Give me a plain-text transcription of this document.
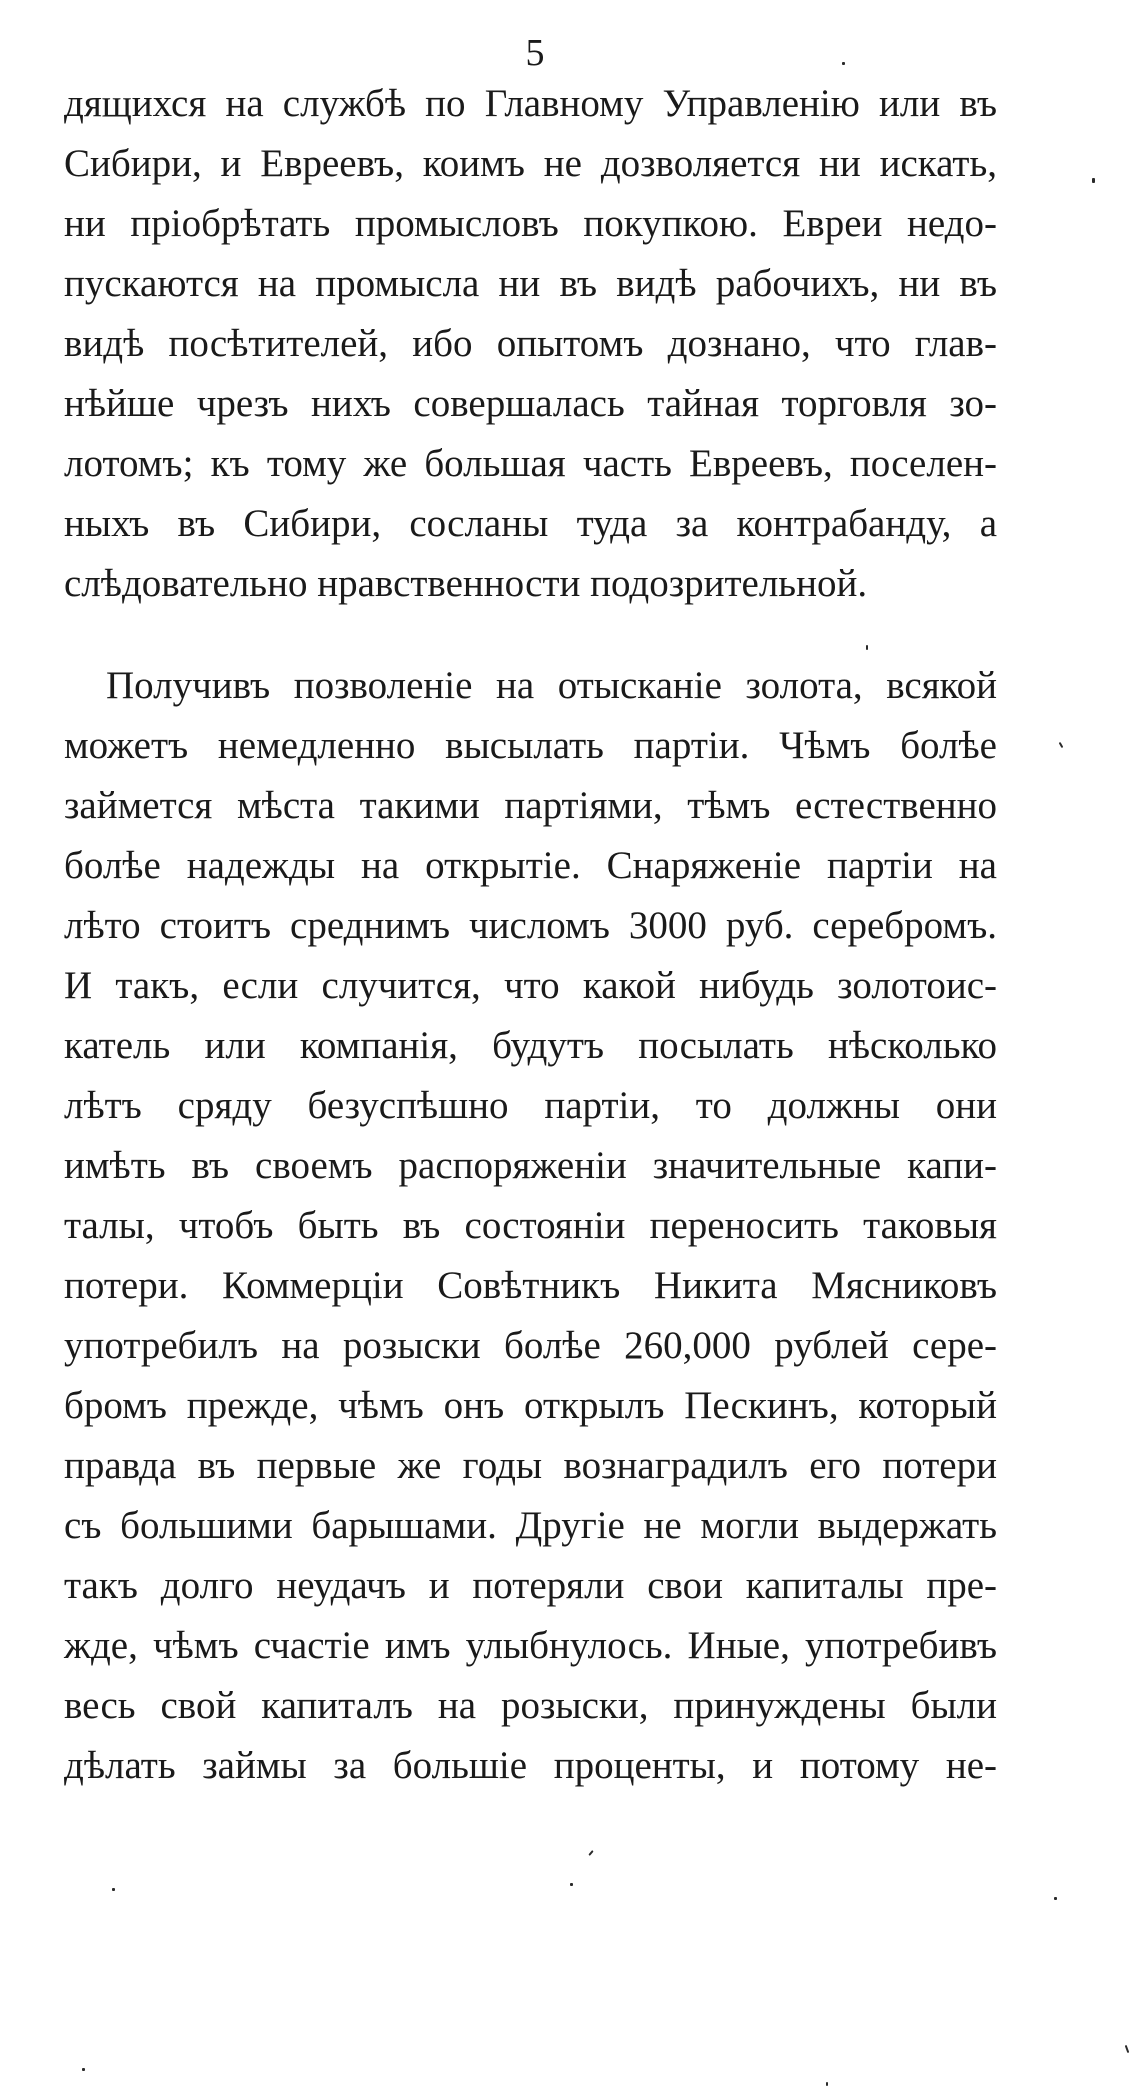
5
дящихся на службѣ по Главному Управленію или въ
Сибири, и Евреевъ, коимъ не дозволяется ни искать,
ни пріобрѣтать промысловъ покупкою. Евреи недо-
пускаются на промысла ни въ видѣ рабочихъ, ни въ
видѣ посѣтителей, ибо опытомъ дознано, что глав-
нѣйше чрезъ нихъ совершалась тайная торговля зо-
лотомъ; къ тому же большая часть Евреевъ, поселен-
ныхъ въ Сибири, сосланы туда за контрабанду, а
слѣдовательно нравственности подозрительной.
Получивъ позволеніе на отысканіе золота, всякой
можетъ немедленно высылать партіи. Чѣмъ болѣе
займется мѣста такими партіями, тѣмъ естественно
болѣе надежды на открытіе. Снаряженіе партіи на
лѣто стоитъ среднимъ числомъ 3000 руб. серебромъ.
И такъ, если случится, что какой нибудь золотоис-
катель или компанія, будутъ посылать нѣсколько
лѣтъ сряду безуспѣшно партіи, то должны они
имѣть въ своемъ распоряженіи значительные капи-
талы, чтобъ быть въ состояніи переносить таковыя
потери. Коммерціи Совѣтникъ Никита Мясниковъ
употребилъ на розыски болѣе 260,000 рублей сере-
бромъ прежде, чѣмъ онъ открылъ Пескинъ, который
правда въ первые же годы вознаградилъ его потери
съ большими барышами. Другіе не могли выдержать
такъ долго неудачъ и потеряли свои капиталы пре-
жде, чѣмъ счастіе имъ улыбнулось. Иные, употребивъ
весь свой капиталъ на розыски, принуждены были
дѣлать займы за большіе проценты, и потому не-
